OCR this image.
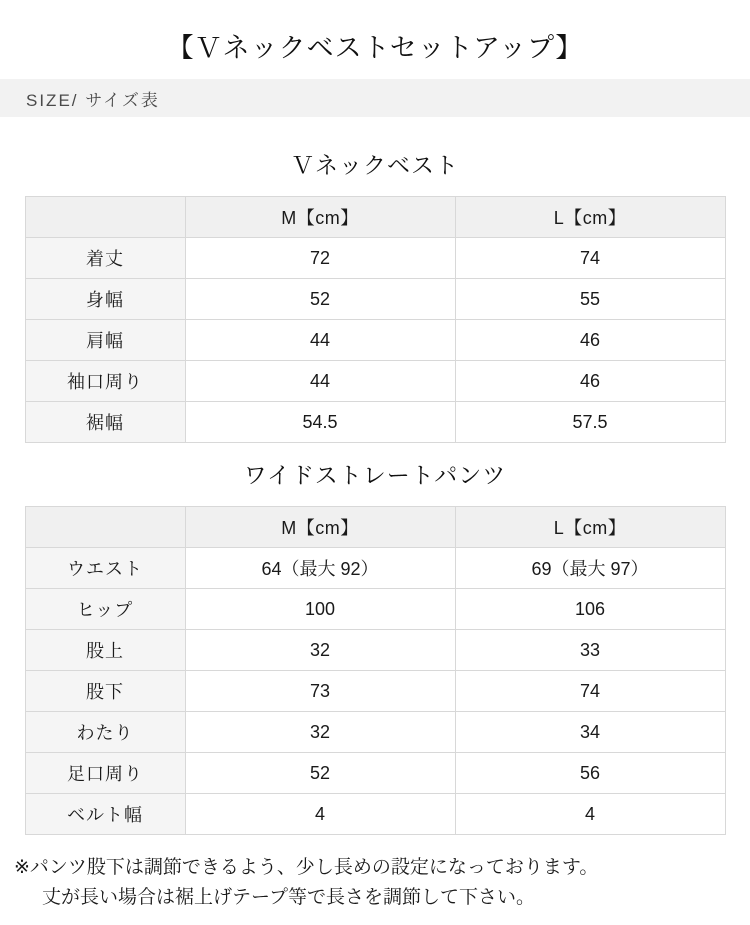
【Ｖネックベストセットアップ】
SIZE/ サイズ表
Ｖネックベスト
	M【cm】	L【cm】
着丈	72	74
身幅	52	55
肩幅	44	46
袖口周り	44	46
裾幅	54.5	57.5
ワイドストレートパンツ
	M【cm】	L【cm】
ウエスト	64（最大 92）	69（最大 97）
ヒップ	100	106
股上	32	33
股下	73	74
わたり	32	34
足口周り	52	56
ベルト幅	4	4

※パンツ股下は調節できるよう、少し長めの設定になっております。
丈が長い場合は裾上げテープ等で長さを調節して下さい。
